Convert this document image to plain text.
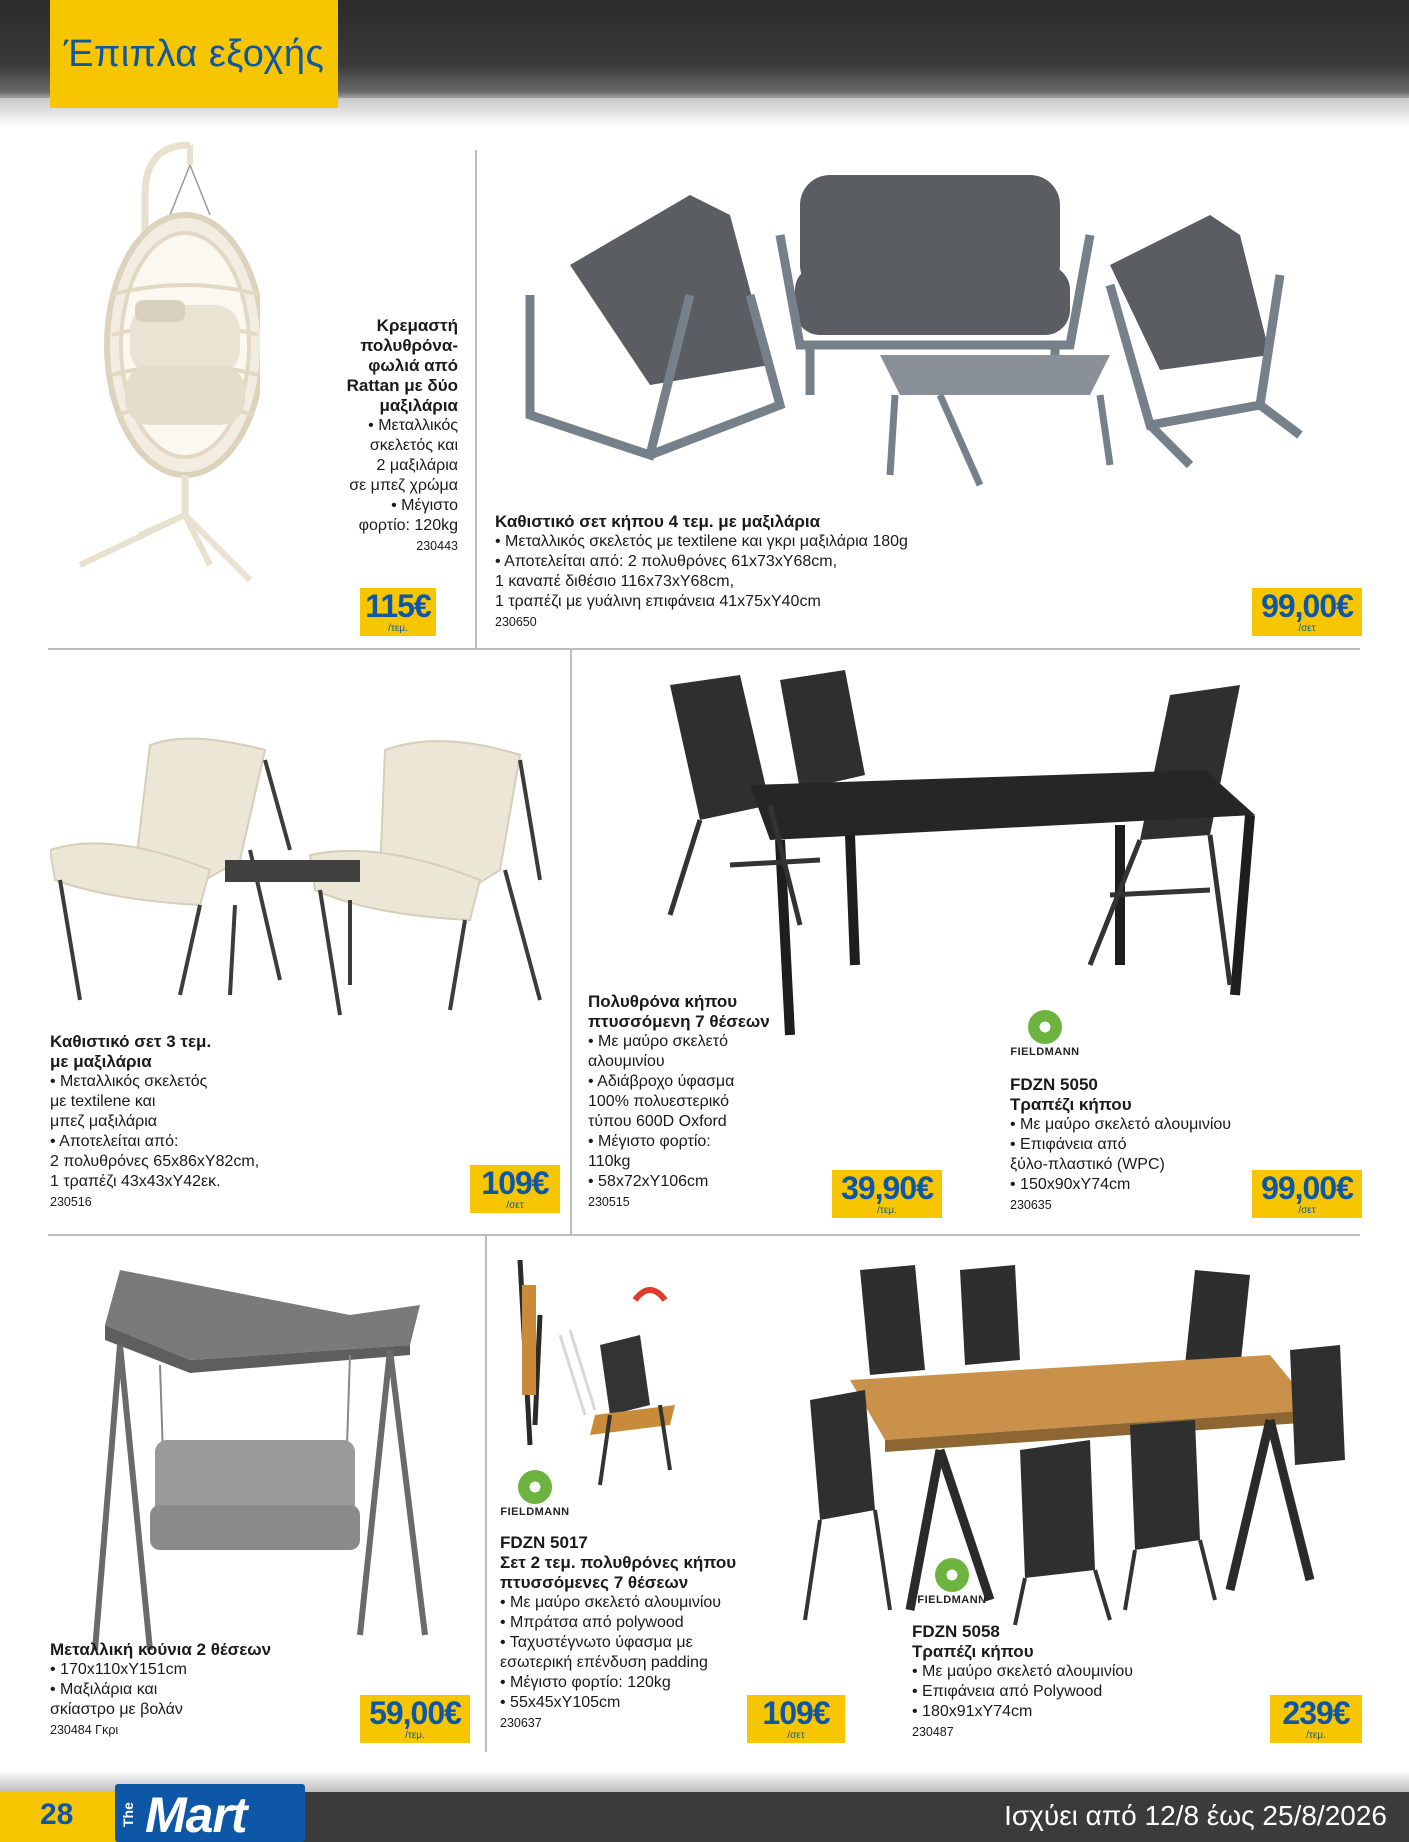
Έπιπλα εξοχής
Κρεμαστή
πολυθρόνα-
φωλιά από
Rattan με δύο
μαξιλάρια
• Μεταλλικός
σκελετός και
2 μαξιλάρια
σε μπεζ χρώμα
• Μέγιστο
φορτίο: 120kg
230443
115€
/τεμ.
Καθιστικό σετ κήπου 4 τεμ. με μαξιλάρια
• Μεταλλικός σκελετός με textilene και γκρι μαξιλάρια 180g
• Αποτελείται από: 2 πολυθρόνες 61x73xY68cm,
1 καναπέ διθέσιο 116x73xY68cm,
1 τραπέζι με γυάλινη επιφάνεια 41x75xY40cm
230650	99,00€
/σετ
Καθιστικό σετ 3 τεμ.
με μαξιλάρια
• Μεταλλικός σκελετός
με textilene και
μπεζ μαξιλάρια
• Αποτελείται από:
2 πολυθρόνες 65x86xY82cm,
1 τραπέζι 43x43xY42εκ.
230516
109€
/σετ
Πολυθρόνα κήπου
πτυσσόμενη 7 θέσεων
• Με μαύρο σκελετό
αλουμινίου
• Αδιάβροχο ύφασμα
100% πολυεστερικό
τύπου 600D Oxford
• Μέγιστο φορτίο:
110kg
• 58x72xY106cm
230515	39,90€
/τεμ.
FIELDMANN
FDZN 5050
Τραπέζι κήπου
• Με μαύρο σκελετό αλουμινίου
• Επιφάνεια από
ξύλο-πλαστικό (WPC)
• 150x90xY74cm
230635	99,00€
/σετ
Μεταλλική κούνια 2 θέσεων
• 170x110xY151cm
• Μαξιλάρια και
σκίαστρο με βολάν
230484 Γκρι	59,00€
/τεμ.
FIELDMANN
FDZN 5017
Σετ 2 τεμ. πολυθρόνες κήπου
πτυσσόμενες 7 θέσεων
• Με μαύρο σκελετό αλουμινίου
• Μπράτσα από polywood
• Ταχυστέγνωτο ύφασμα με
εσωτερική επένδυση padding
• Μέγιστο φορτίο: 120kg
• 55x45xY105cm
230637	109€
/σετ
FIELDMANN
FDZN 5058
Τραπέζι κήπου
• Με μαύρο σκελετό αλουμινίου
• Επιφάνεια από Polywood
• 180x91xY74cm
230487
239€
/τεμ.
28	The Mart	Ισχύει από 12/8 έως 25/8/2026
